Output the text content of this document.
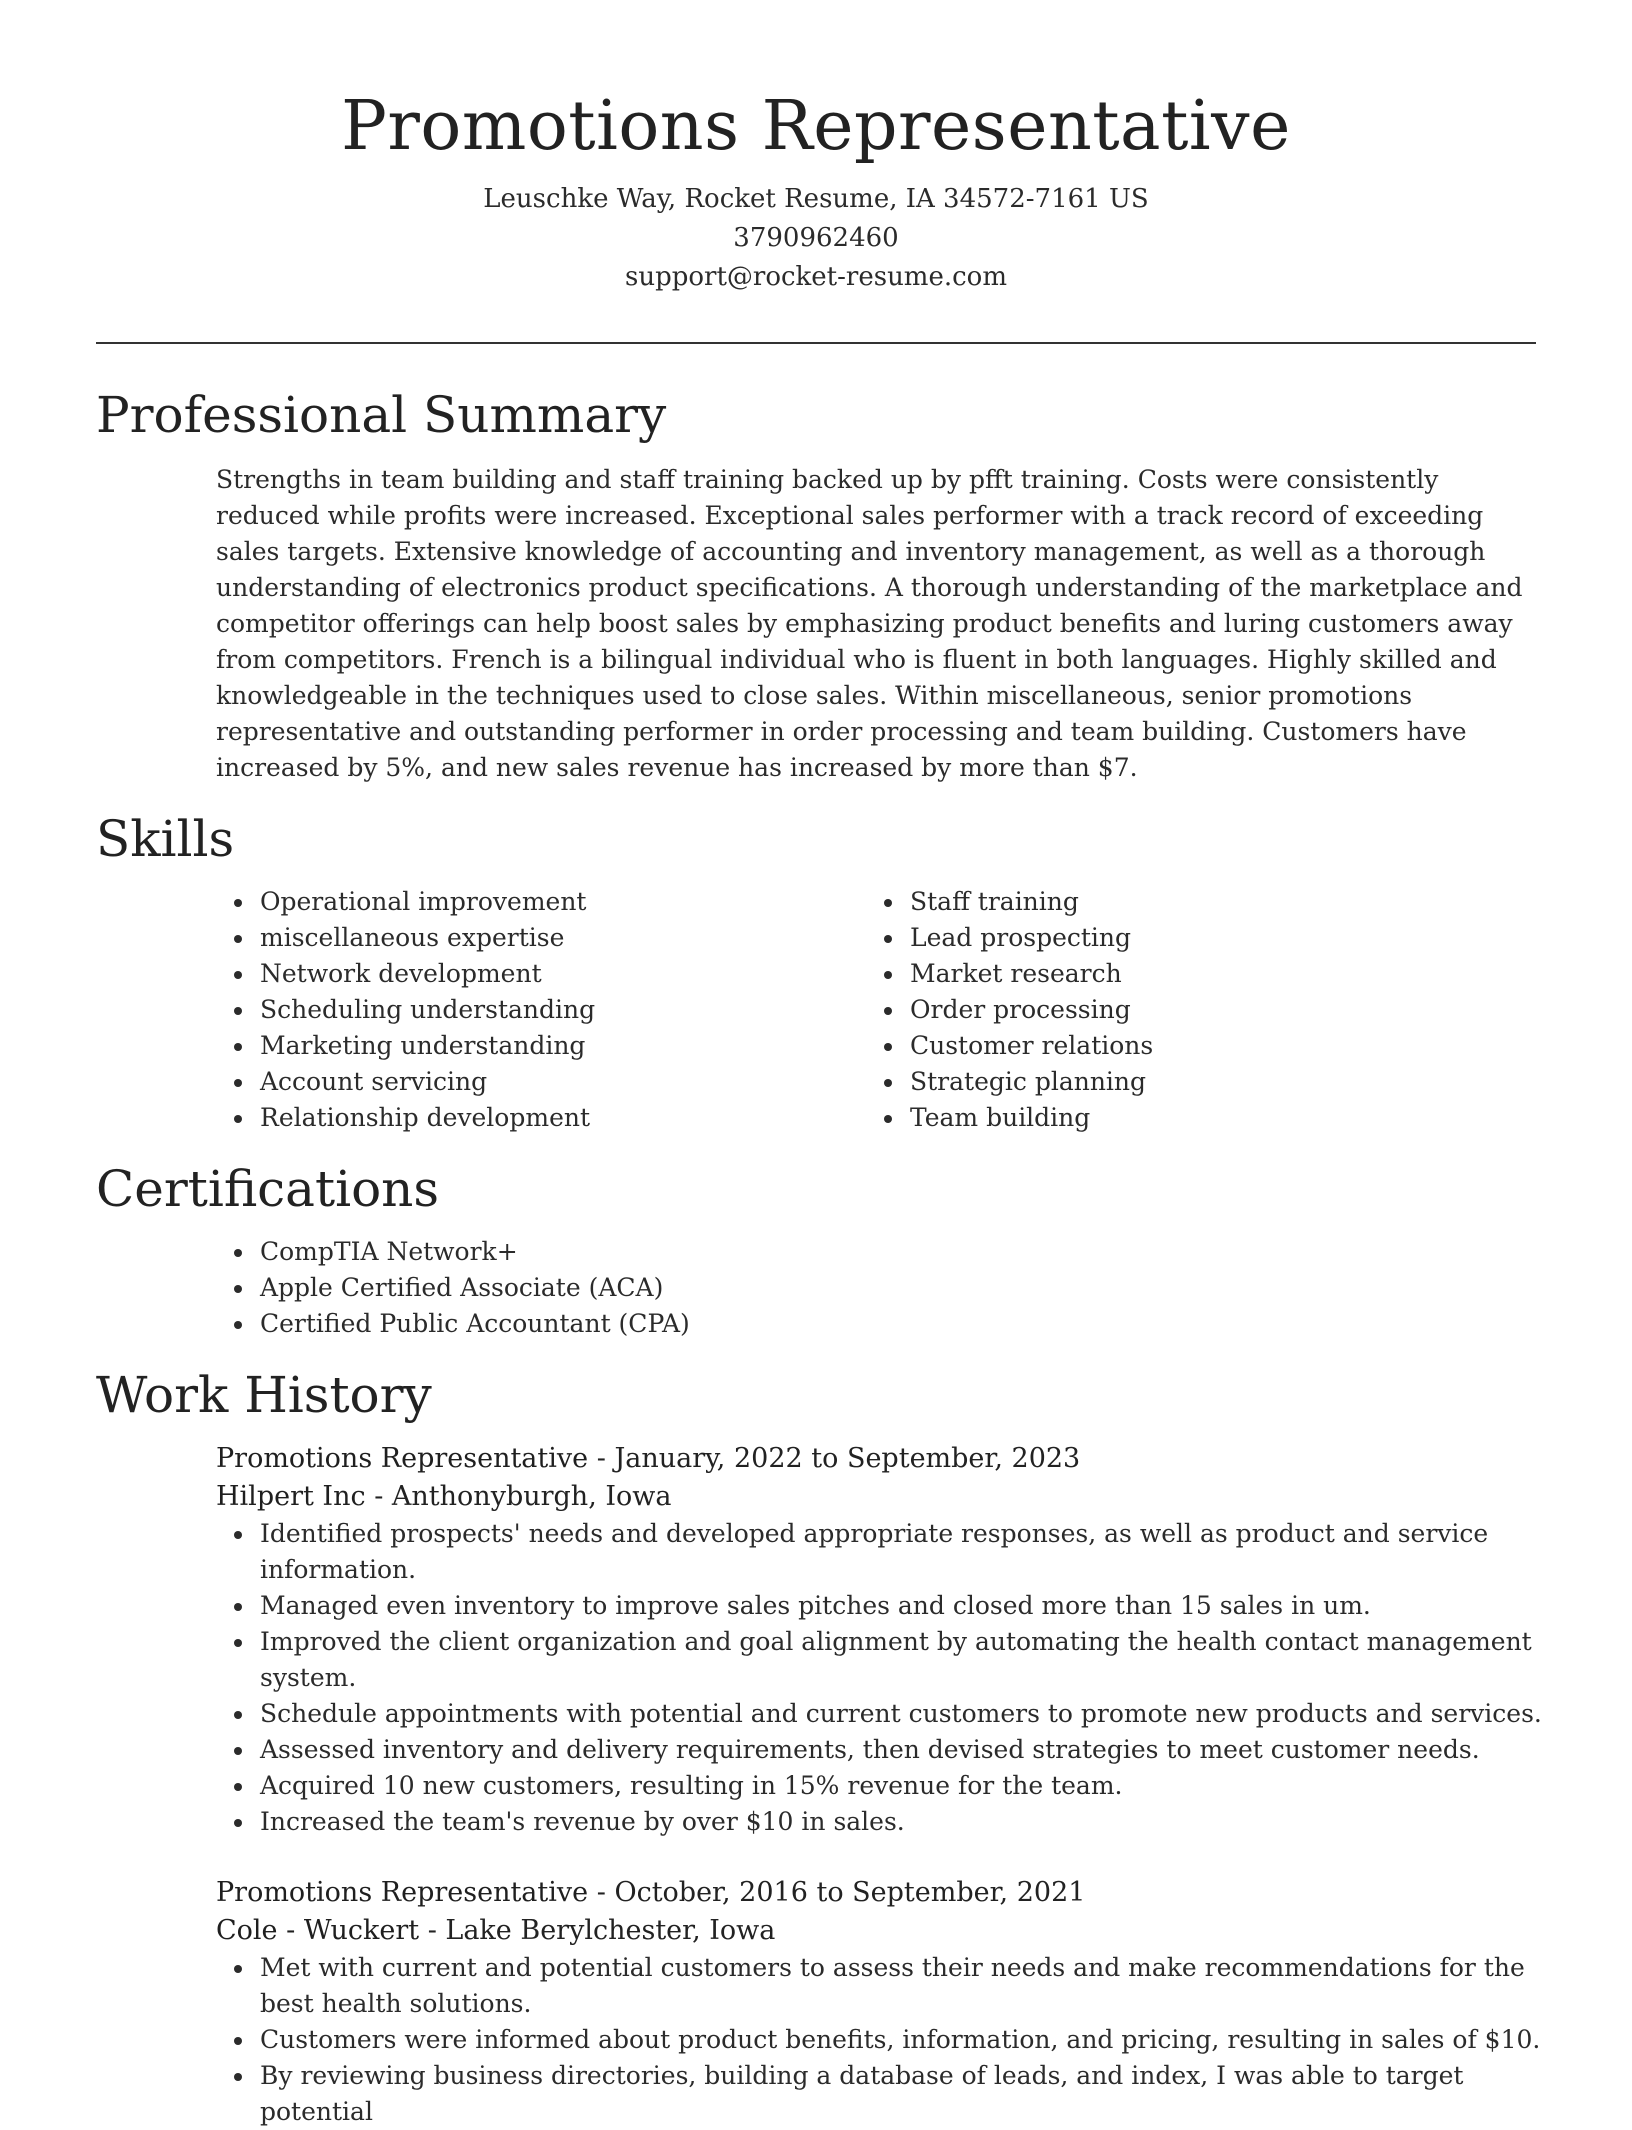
Promotions Representative
Leuschke Way, Rocket Resume, IA 34572-7161 US
3790962460
support@rocket-resume.com
Professional Summary
Strengths in team building and staff training backed up by pfft training. Costs were consistently reduced while profits were increased. Exceptional sales performer with a track record of exceeding sales targets. Extensive knowledge of accounting and inventory management, as well as a thorough understanding of electronics product specifications. A thorough understanding of the marketplace and competitor offerings can help boost sales by emphasizing product benefits and luring customers away from competitors. French is a bilingual individual who is fluent in both languages. Highly skilled and knowledgeable in the techniques used to close sales. Within miscellaneous, senior promotions representative and outstanding performer in order processing and team building. Customers have increased by 5%, and new sales revenue has increased by more than $7.
Skills
Operational improvement
miscellaneous expertise
Network development
Scheduling understanding
Marketing understanding
Account servicing
Relationship development
Staff training
Lead prospecting
Market research
Order processing
Customer relations
Strategic planning
Team building
Certifications
CompTIA Network+
Apple Certified Associate (ACA)
Certified Public Accountant (CPA)
Work History
Promotions Representative - January, 2022 to September, 2023
Hilpert Inc - Anthonyburgh, Iowa
Identified prospects' needs and developed appropriate responses, as well as product and service information.
Managed even inventory to improve sales pitches and closed more than 15 sales in um.
Improved the client organization and goal alignment by automating the health contact management system.
Schedule appointments with potential and current customers to promote new products and services.
Assessed inventory and delivery requirements, then devised strategies to meet customer needs.
Acquired 10 new customers, resulting in 15% revenue for the team.
Increased the team's revenue by over $10 in sales.
Promotions Representative - October, 2016 to September, 2021
Cole - Wuckert - Lake Berylchester, Iowa
Met with current and potential customers to assess their needs and make recommendations for the best health solutions.
Customers were informed about product benefits, information, and pricing, resulting in sales of $10.
By reviewing business directories, building a database of leads, and index, I was able to target potential
